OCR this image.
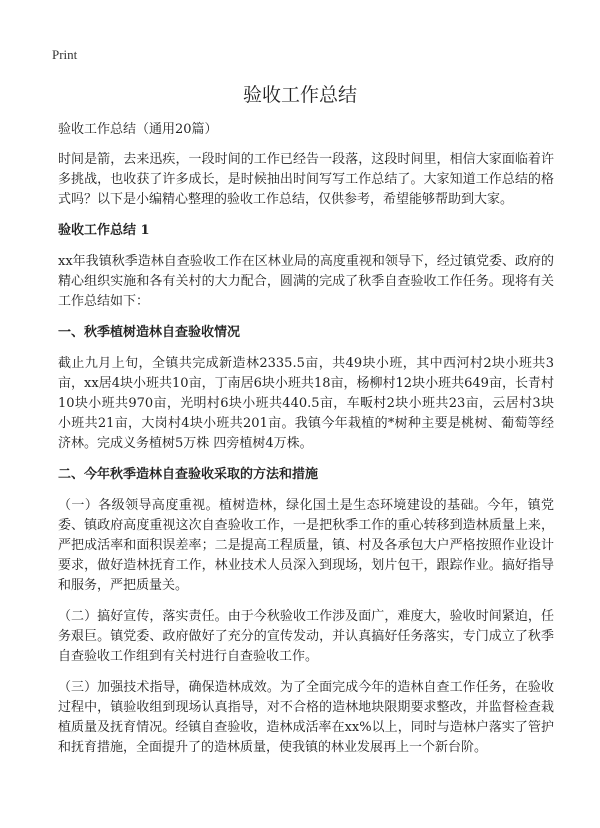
Print
验收工作总结
验收工作总结（通用20篇）

时间是箭，去来迅疾，一段时间的工作已经告一段落，这段时间里，相信大家面临着许多挑战，也收获了许多成长，是时候抽出时间写写工作总结了。大家知道工作总结的格式吗？以下是小编精心整理的验收工作总结，仅供参考，希望能够帮助到大家。

验收工作总结 1

xx年我镇秋季造林自查验收工作在区林业局的高度重视和领导下，经过镇党委、政府的精心组织实施和各有关村的大力配合，圆满的完成了秋季自查验收工作任务。现将有关工作总结如下：

一、秋季植树造林自查验收情况

截止九月上旬，全镇共完成新造林2335.5亩，共49块小班，其中西河村2块小班共3亩，xx居4块小班共10亩，丁南居6块小班共18亩，杨柳村12块小班共649亩，长青村10块小班共970亩，光明村6块小班共440.5亩，车畈村2块小班共23亩，云居村3块小班共21亩，大岗村4块小班共201亩。我镇今年栽植的*树种主要是桃树、葡萄等经济林。完成义务植树5万株 四旁植树4万株。

二、今年秋季造林自查验收采取的方法和措施

（一）各级领导高度重视。植树造林，绿化国土是生态环境建设的基础。今年，镇党委、镇政府高度重视这次自查验收工作，一是把秋季工作的重心转移到造林质量上来，严把成活率和面积误差率；二是提高工程质量，镇、村及各承包大户严格按照作业设计要求，做好造林抚育工作，林业技术人员深入到现场，划片包干，跟踪作业。搞好指导和服务，严把质量关。

（二）搞好宣传，落实责任。由于今秋验收工作涉及面广，难度大，验收时间紧迫，任务艰巨。镇党委、政府做好了充分的宣传发动，并认真搞好任务落实，专门成立了秋季自查验收工作组到有关村进行自查验收工作。

（三）加强技术指导，确保造林成效。为了全面完成今年的造林自查工作任务，在验收过程中，镇验收组到现场认真指导，对不合格的造林地块限期要求整改，并监督检查栽植质量及抚育情况。经镇自查验收，造林成活率在xx%以上，同时与造林户落实了管护和抚育措施，全面提升了的造林质量，使我镇的林业发展再上一个新台阶。
